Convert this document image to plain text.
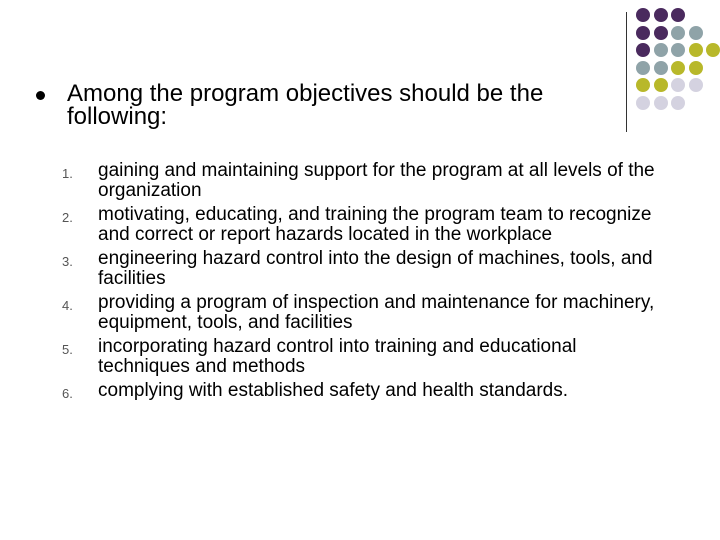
Among the program objectives should be the following:
1. gaining and maintaining support for the program at all levels of the organization
2. motivating, educating, and training the program team to recognize and correct or report hazards located in the workplace
3. engineering hazard control into the design of machines, tools, and facilities
4. providing a program of inspection and maintenance for machinery, equipment, tools, and facilities
5. incorporating hazard control into training and educational techniques and methods
6. complying with established safety and health standards.
